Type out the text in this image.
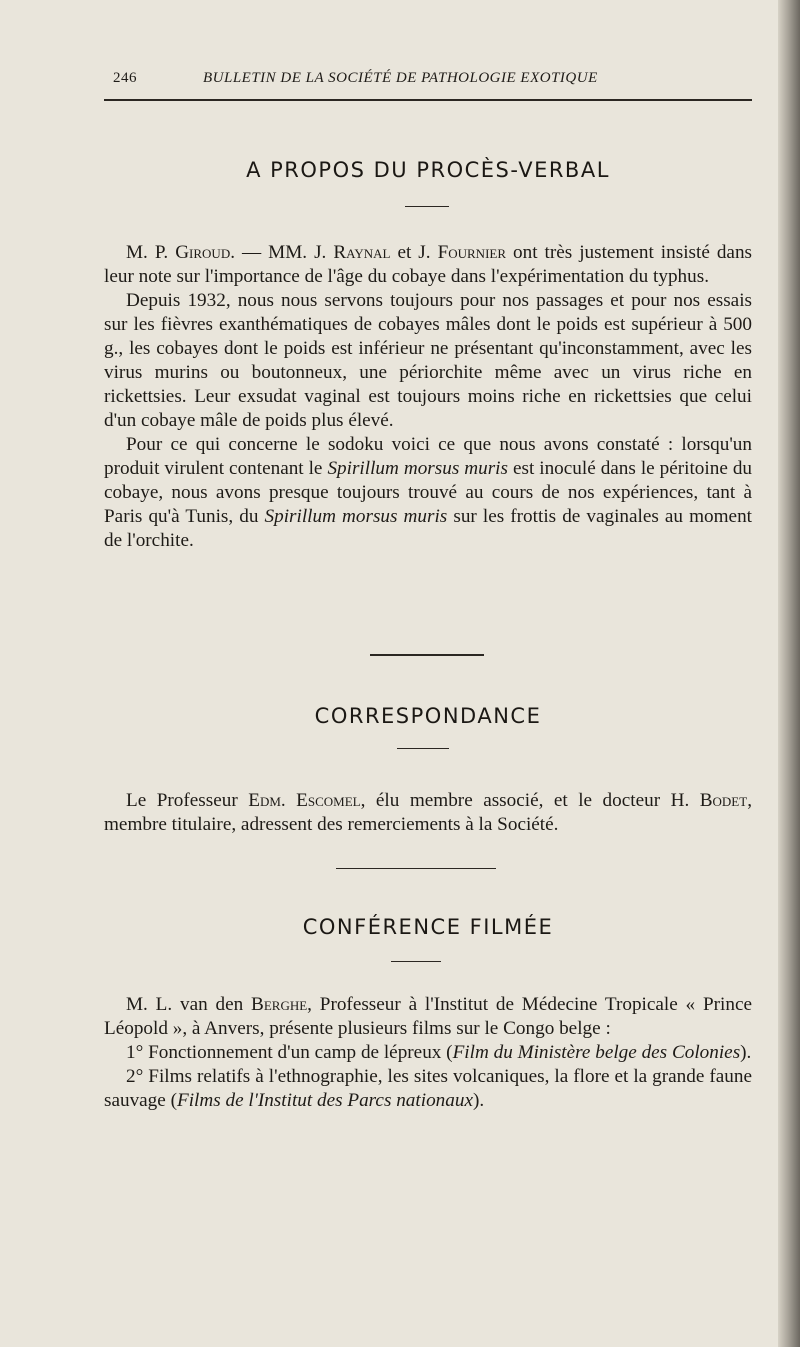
246	BULLETIN DE LA SOCIÉTÉ DE PATHOLOGIE EXOTIQUE
A PROPOS DU PROCÈS-VERBAL

M. P. Giroud. — MM. J. Raynal et J. Fournier ont très justement insisté dans leur note sur l'importance de l'âge du cobaye dans l'expérimentation du typhus.

Depuis 1932, nous nous servons toujours pour nos passages et pour nos essais sur les fièvres exanthématiques de cobayes mâles dont le poids est supérieur à 500 g., les cobayes dont le poids est inférieur ne présentant qu'inconstamment, avec les virus murins ou boutonneux, une périorchite même avec un virus riche en rickettsies. Leur exsudat vaginal est toujours moins riche en rickettsies que celui d'un cobaye mâle de poids plus élevé.

Pour ce qui concerne le sodoku voici ce que nous avons constaté : lorsqu'un produit virulent contenant le Spirillum morsus muris est inoculé dans le péritoine du cobaye, nous avons presque toujours trouvé au cours de nos expériences, tant à Paris qu'à Tunis, du Spirillum morsus muris sur les frottis de vaginales au moment de l'orchite.

CORRESPONDANCE

Le Professeur Edm. Escomel, élu membre associé, et le docteur H. Bodet, membre titulaire, adressent des remerciements à la Société.

CONFÉRENCE FILMÉE

M. L. van den Berghe, Professeur à l'Institut de Médecine Tropicale « Prince Léopold », à Anvers, présente plusieurs films sur le Congo belge :

1° Fonctionnement d'un camp de lépreux (Film du Ministère belge des Colonies).

2° Films relatifs à l'ethnographie, les sites volcaniques, la flore et la grande faune sauvage (Films de l'Institut des Parcs nationaux).
